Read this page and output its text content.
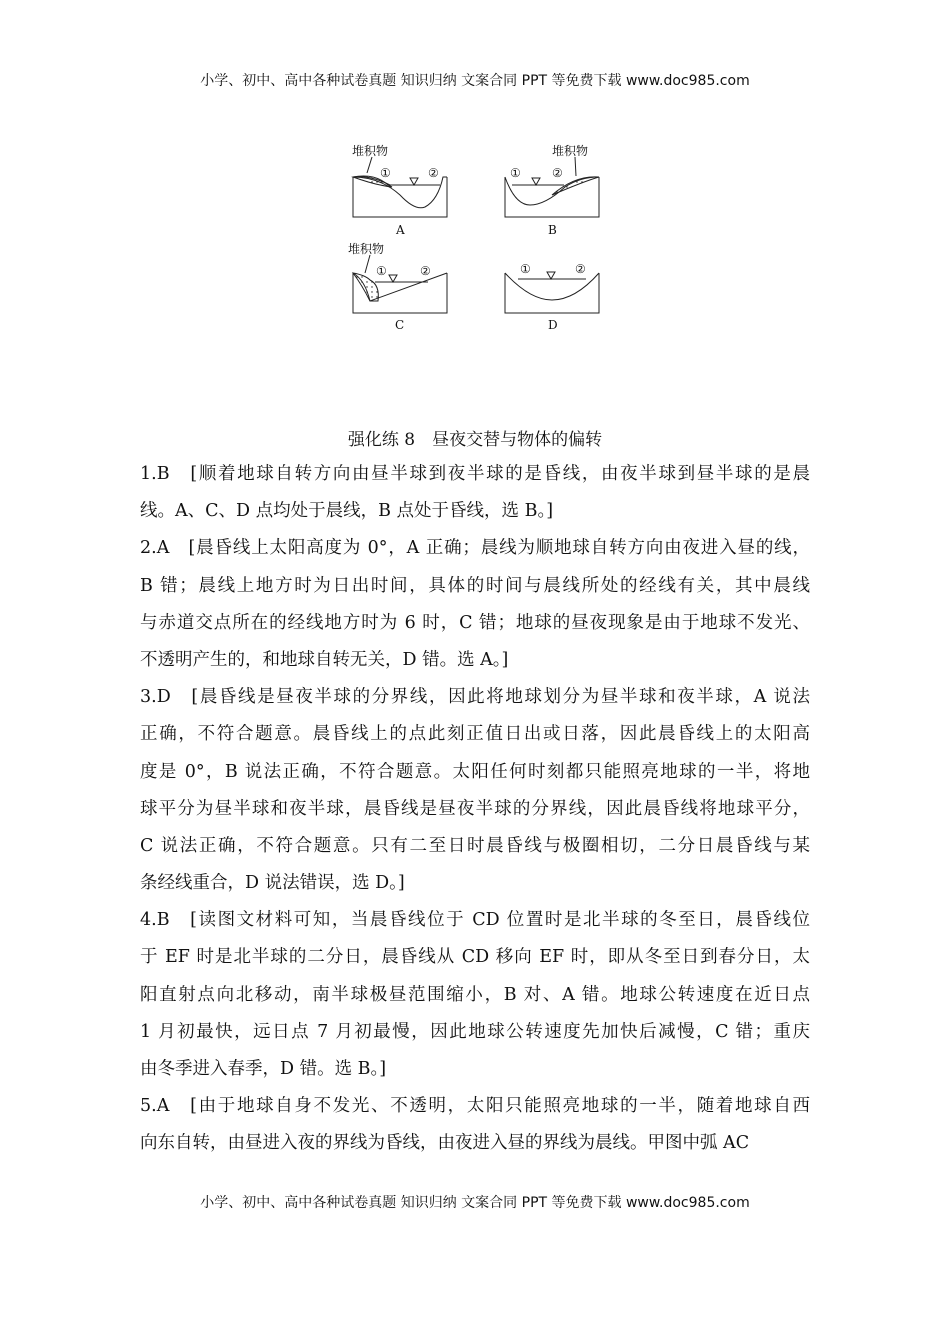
小学、初中、高中各种试卷真题 知识归纳 文案合同 PPT 等免费下载 www.doc985.com
堆积物	堆积物
堆积物
①	②	①	②
①	②	①	②
A	B
C	D
强化练 8　昼夜交替与物体的偏转
1.B　[顺着地球自转方向由昼半球到夜半球的是昏线，由夜半球到昼半球的是晨
线。A、C、D 点均处于晨线，B 点处于昏线，选 B。]
2.A　[晨昏线上太阳高度为 0°，A 正确；晨线为顺地球自转方向由夜进入昼的线，
B 错；晨线上地方时为日出时间，具体的时间与晨线所处的经线有关，其中晨线
与赤道交点所在的经线地方时为 6 时，C 错；地球的昼夜现象是由于地球不发光、
不透明产生的，和地球自转无关，D 错。选 A。]
3.D　[晨昏线是昼夜半球的分界线，因此将地球划分为昼半球和夜半球，A 说法
正确，不符合题意。晨昏线上的点此刻正值日出或日落，因此晨昏线上的太阳高
度是 0°，B 说法正确，不符合题意。太阳任何时刻都只能照亮地球的一半，将地
球平分为昼半球和夜半球，晨昏线是昼夜半球的分界线，因此晨昏线将地球平分，
C 说法正确，不符合题意。只有二至日时晨昏线与极圈相切，二分日晨昏线与某
条经线重合，D 说法错误，选 D。]
4.B　[读图文材料可知，当晨昏线位于 CD 位置时是北半球的冬至日，晨昏线位
于 EF 时是北半球的二分日，晨昏线从 CD 移向 EF 时，即从冬至日到春分日，太
阳直射点向北移动，南半球极昼范围缩小，B 对、A 错。地球公转速度在近日点
1 月初最快，远日点 7 月初最慢，因此地球公转速度先加快后减慢，C 错；重庆
由冬季进入春季，D 错。选 B。]
5.A　[由于地球自身不发光、不透明，太阳只能照亮地球的一半，随着地球自西
向东自转，由昼进入夜的界线为昏线，由夜进入昼的界线为晨线。甲图中弧 AC
小学、初中、高中各种试卷真题 知识归纳 文案合同 PPT 等免费下载 www.doc985.com
